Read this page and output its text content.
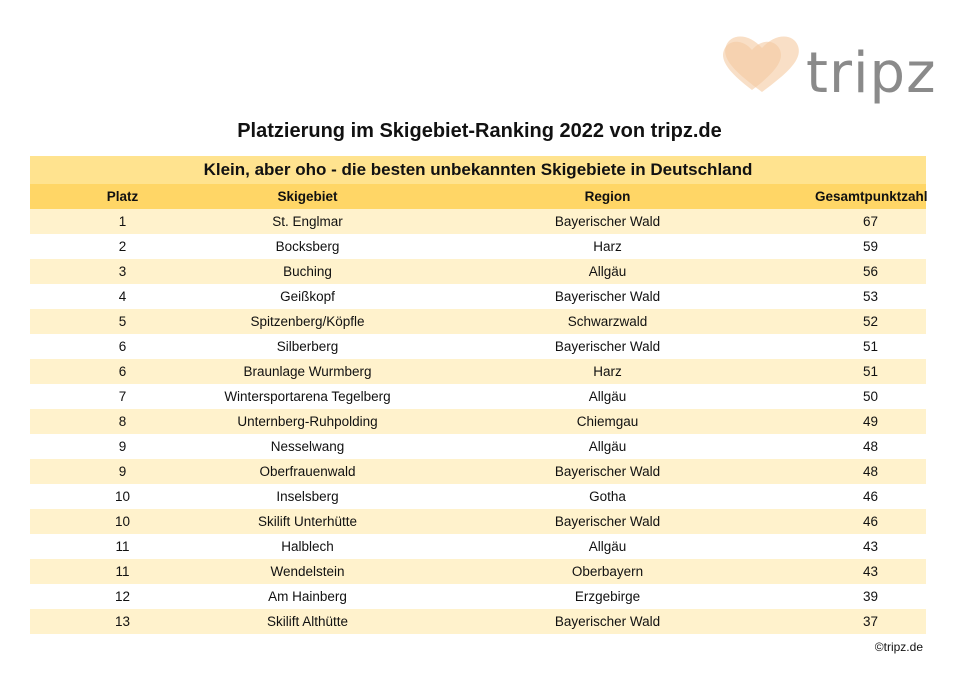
tripz
Platzierung im Skigebiet-Ranking 2022 von tripz.de
Klein, aber oho - die besten unbekannten Skigebiete in Deutschland
Platz	Skigebiet	Region	Gesamtpunktzahl
1	St. Englmar	Bayerischer Wald	67
2	Bocksberg	Harz	59
3	Buching	Allgäu	56
4	Geißkopf	Bayerischer Wald	53
5	Spitzenberg/Köpfle	Schwarzwald	52
6	Silberberg	Bayerischer Wald	51
6	Braunlage Wurmberg	Harz	51
7	Wintersportarena Tegelberg	Allgäu	50
8	Unternberg-Ruhpolding	Chiemgau	49
9	Nesselwang	Allgäu	48
9	Oberfrauenwald	Bayerischer Wald	48
10	Inselsberg	Gotha	46
10	Skilift Unterhütte	Bayerischer Wald	46
11	Halblech	Allgäu	43
11	Wendelstein	Oberbayern	43
12	Am Hainberg	Erzgebirge	39
13	Skilift Althütte	Bayerischer Wald	37
©tripz.de
